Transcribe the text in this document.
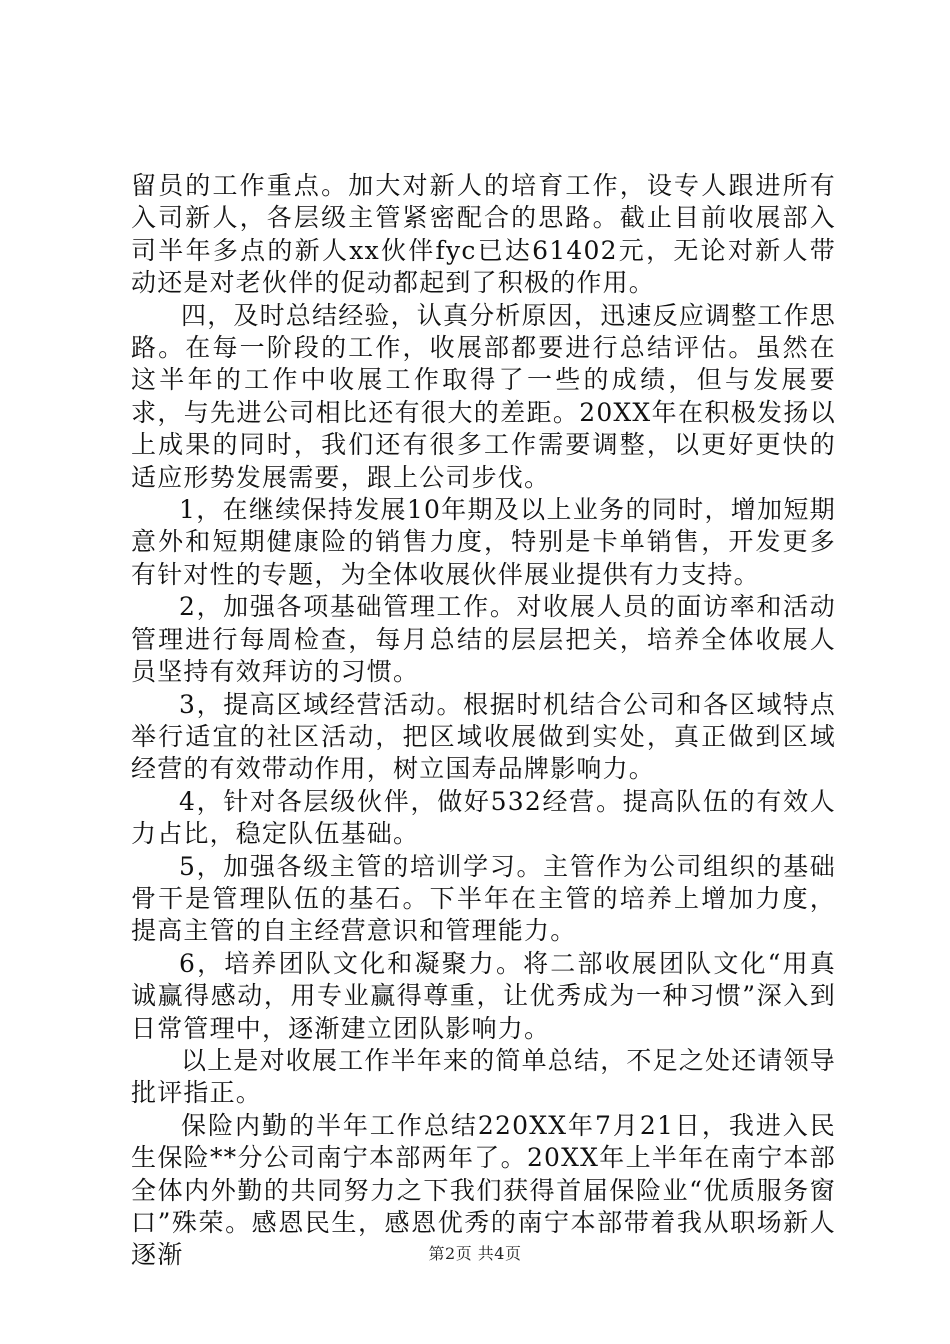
留员的工作重点。加大对新人的培育工作，设专人跟进所有入司新人，各层级主管紧密配合的思路。截止目前收展部入司半年多点的新人xx伙伴fyc已达61402元，无论对新人带动还是对老伙伴的促动都起到了积极的作用。

四，及时总结经验，认真分析原因，迅速反应调整工作思路。在每一阶段的工作，收展部都要进行总结评估。虽然在这半年的工作中收展工作取得了一些的成绩，但与发展要求，与先进公司相比还有很大的差距。20XX年在积极发扬以上成果的同时，我们还有很多工作需要调整，以更好更快的适应形势发展需要，跟上公司步伐。

1，在继续保持发展10年期及以上业务的同时，增加短期意外和短期健康险的销售力度，特别是卡单销售，开发更多有针对性的专题，为全体收展伙伴展业提供有力支持。

2，加强各项基础管理工作。对收展人员的面访率和活动管理进行每周检查，每月总结的层层把关，培养全体收展人员坚持有效拜访的习惯。

3，提高区域经营活动。根据时机结合公司和各区域特点举行适宜的社区活动，把区域收展做到实处，真正做到区域经营的有效带动作用，树立国寿品牌影响力。

4，针对各层级伙伴，做好532经营。提高队伍的有效人力占比，稳定队伍基础。

5，加强各级主管的培训学习。主管作为公司组织的基础骨干是管理队伍的基石。下半年在主管的培养上增加力度，提高主管的自主经营意识和管理能力。

6，培养团队文化和凝聚力。将二部收展团队文化“用真诚赢得感动，用专业赢得尊重，让优秀成为一种习惯”深入到日常管理中，逐渐建立团队影响力。

以上是对收展工作半年来的简单总结，不足之处还请领导批评指正。

保险内勤的半年工作总结220XX年7月21日，我进入民生保险**分公司南宁本部两年了。20XX年上半年在南宁本部全体内外勤的共同努力之下我们获得首届保险业“优质服务窗口”殊荣。感恩民生，感恩优秀的南宁本部带着我从职场新人逐渐	第2页 共4页
